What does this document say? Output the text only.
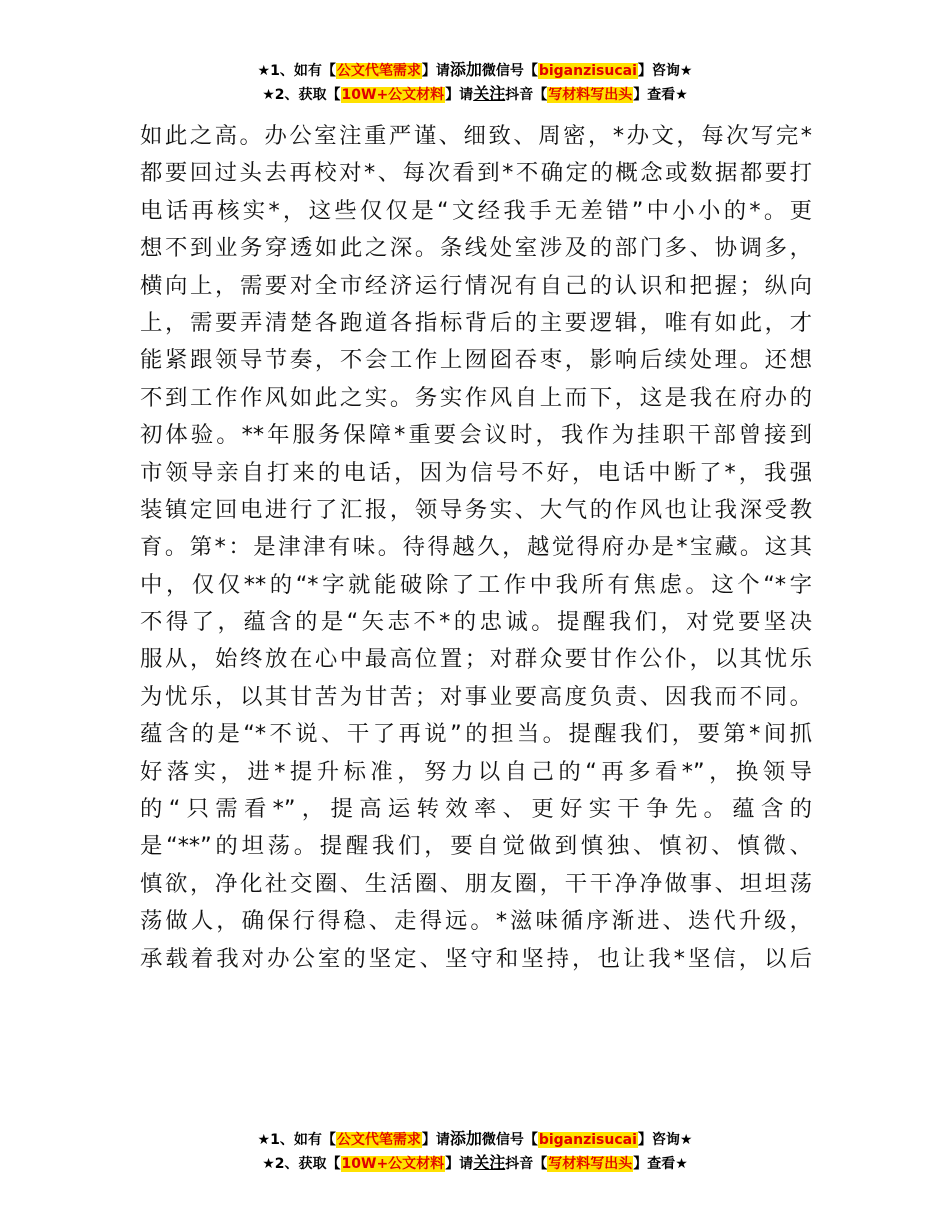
★1、如有【公文代笔需求】请添加微信号【biganzisucai】咨询★
★2、获取【10W+公文材料】请关注抖音【写材料写出头】查看★
如此之高。办公室注重严谨、细致、周密，*办文，每次写完*
都要回过头去再校对*、每次看到*不确定的概念或数据都要打
电话再核实*，这些仅仅是“文经我手无差错”中小小的*。更
想不到业务穿透如此之深。条线处室涉及的部门多、协调多，
横向上，需要对全市经济运行情况有自己的认识和把握；纵向
上，需要弄清楚各跑道各指标背后的主要逻辑，唯有如此，才
能紧跟领导节奏，不会工作上囫囵吞枣，影响后续处理。还想
不到工作作风如此之实。务实作风自上而下，这是我在府办的
初体验。**年服务保障*重要会议时，我作为挂职干部曾接到
市领导亲自打来的电话，因为信号不好，电话中断了*，我强
装镇定回电进行了汇报，领导务实、大气的作风也让我深受教
育。第*：是津津有味。待得越久，越觉得府办是*宝藏。这其
中，仅仅**的“*字就能破除了工作中我所有焦虑。这个“*字
不得了，蕴含的是“矢志不*的忠诚。提醒我们，对党要坚决
服从，始终放在心中最高位置；对群众要甘作公仆，以其忧乐
为忧乐，以其甘苦为甘苦；对事业要高度负责、因我而不同。
蕴含的是“*不说、干了再说”的担当。提醒我们，要第*间抓
好落实，进*提升标准，努力以自己的“再多看*”，换领导
的“只需看*”，提高运转效率、更好实干争先。蕴含的
是“**”的坦荡。提醒我们，要自觉做到慎独、慎初、慎微、
慎欲，净化社交圈、生活圈、朋友圈，干干净净做事、坦坦荡
荡做人，确保行得稳、走得远。*滋味循序渐进、迭代升级，
承载着我对办公室的坚定、坚守和坚持，也让我*坚信，以后
★1、如有【公文代笔需求】请添加微信号【biganzisucai】咨询★
★2、获取【10W+公文材料】请关注抖音【写材料写出头】查看★
